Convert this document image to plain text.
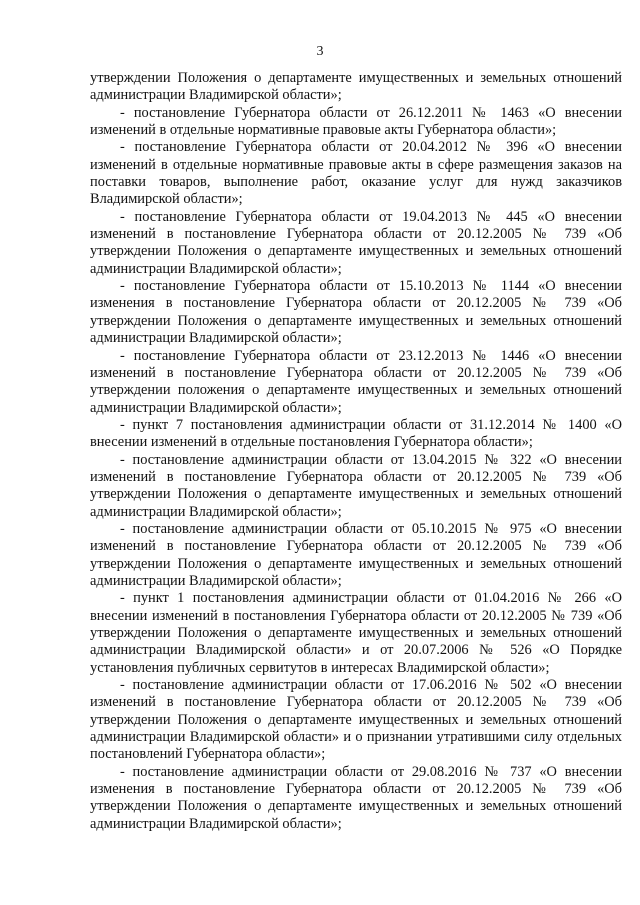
3

утверждении Положения о департаменте имущественных и земельных отношений администрации Владимирской области»;

- постановление Губернатора области от 26.12.2011 № 1463 «О внесении изменений в отдельные нормативные правовые акты Губернатора области»;

- постановление Губернатора области от 20.04.2012 № 396 «О внесении изменений в отдельные нормативные правовые акты в сфере размещения заказов на поставки товаров, выполнение работ, оказание услуг для нужд заказчиков Владимирской области»;

- постановление Губернатора области от 19.04.2013 № 445 «О внесении изменений в постановление Губернатора области от 20.12.2005 № 739 «Об утверждении Положения о департаменте имущественных и земельных отношений администрации Владимирской области»;

- постановление Губернатора области от 15.10.2013 № 1144 «О внесении изменения в постановление Губернатора области от 20.12.2005 № 739 «Об утверждении Положения о департаменте имущественных и земельных отношений администрации Владимирской области»;

- постановление Губернатора области от 23.12.2013 № 1446 «О внесении изменений в постановление Губернатора области от 20.12.2005 № 739 «Об утверждении положения о департаменте имущественных и земельных отношений администрации Владимирской области»;

- пункт 7 постановления администрации области от 31.12.2014 № 1400 «О внесении изменений в отдельные постановления Губернатора области»;

- постановление администрации области от 13.04.2015 № 322 «О внесении изменений в постановление Губернатора области от 20.12.2005 № 739 «Об утверждении Положения о департаменте имущественных и земельных отношений администрации Владимирской области»;

- постановление администрации области от 05.10.2015 № 975 «О внесении изменений в постановление Губернатора области от 20.12.2005 № 739 «Об утверждении Положения о департаменте имущественных и земельных отношений администрации Владимирской области»;

- пункт 1 постановления администрации области от 01.04.2016 № 266 «О внесении изменений в постановления Губернатора области от 20.12.2005 № 739 «Об утверждении Положения о департаменте имущественных и земельных отношений администрации Владимирской области» и от 20.07.2006 № 526 «О Порядке установления публичных сервитутов в интересах Владимирской области»;

- постановление администрации области от 17.06.2016 № 502 «О внесении изменений в постановление Губернатора области от 20.12.2005 № 739 «Об утверждении Положения о департаменте имущественных и земельных отношений администрации Владимирской области» и о признании утратившими силу отдельных постановлений Губернатора области»;

- постановление администрации области от 29.08.2016 № 737 «О внесении изменения в постановление Губернатора области от 20.12.2005 № 739 «Об утверждении Положения о департаменте имущественных и земельных отношений администрации Владимирской области»;
